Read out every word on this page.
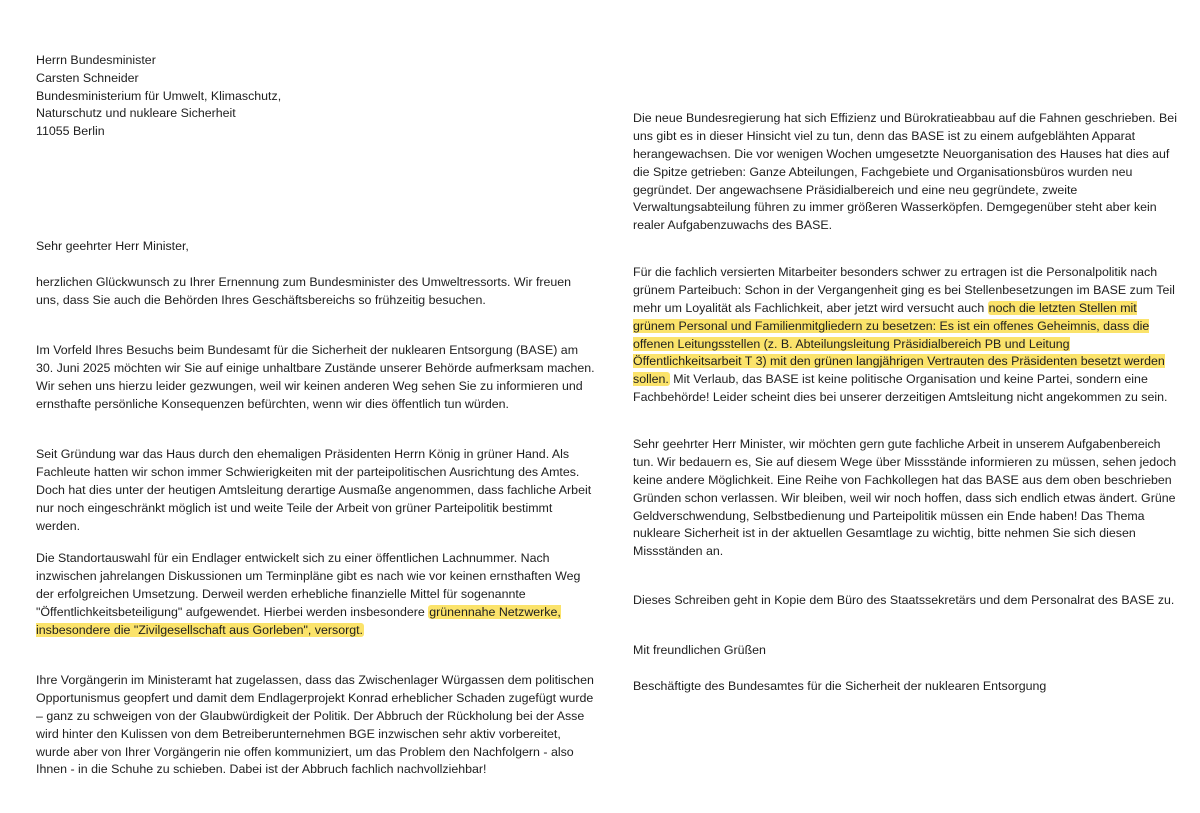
Herrn Bundesminister

Carsten Schneider

Bundesministerium für Umwelt, Klimaschutz,

Naturschutz und nukleare Sicherheit

11055 Berlin

Sehr geehrter Herr Minister,

herzlichen Glückwunsch zu Ihrer Ernennung zum Bundesminister des Umweltressorts. Wir freuen uns, dass Sie auch die Behörden Ihres Geschäftsbereichs so frühzeitig besuchen.

Im Vorfeld Ihres Besuchs beim Bundesamt für die Sicherheit der nuklearen Entsorgung (BASE) am 30. Juni 2025 möchten wir Sie auf einige unhaltbare Zustände unserer Behörde aufmerksam machen. Wir sehen uns hierzu leider gezwungen, weil wir keinen anderen Weg sehen Sie zu informieren und ernsthafte persönliche Konsequenzen befürchten, wenn wir dies öffentlich tun würden.

Seit Gründung war das Haus durch den ehemaligen Präsidenten Herrn König in grüner Hand. Als Fachleute hatten wir schon immer Schwierigkeiten mit der parteipolitischen Ausrichtung des Amtes. Doch hat dies unter der heutigen Amtsleitung derartige Ausmaße angenommen, dass fachliche Arbeit nur noch eingeschränkt möglich ist und weite Teile der Arbeit von grüner Parteipolitik bestimmt werden.

Die Standortauswahl für ein Endlager entwickelt sich zu einer öffentlichen Lachnummer. Nach inzwischen jahrelangen Diskussionen um Terminpläne gibt es nach wie vor keinen ernsthaften Weg der erfolgreichen Umsetzung. Derweil werden erhebliche finanzielle Mittel für sogenannte "Öffentlichkeitsbeteiligung" aufgewendet. Hierbei werden insbesondere grünennahe Netzwerke, insbesondere die "Zivilgesellschaft aus Gorleben", versorgt.

Ihre Vorgängerin im Ministeramt hat zugelassen, dass das Zwischenlager Würgassen dem politischen Opportunismus geopfert und damit dem Endlagerprojekt Konrad erheblicher Schaden zugefügt wurde – ganz zu schweigen von der Glaubwürdigkeit der Politik. Der Abbruch der Rückholung bei der Asse wird hinter den Kulissen von dem Betreiberunternehmen BGE inzwischen sehr aktiv vorbereitet, wurde aber von Ihrer Vorgängerin nie offen kommuniziert, um das Problem den Nachfolgern - also Ihnen - in die Schuhe zu schieben. Dabei ist der Abbruch fachlich nachvollziehbar!

Die neue Bundesregierung hat sich Effizienz und Bürokratieabbau auf die Fahnen geschrieben. Bei uns gibt es in dieser Hinsicht viel zu tun, denn das BASE ist zu einem aufgeblähten Apparat herangewachsen. Die vor wenigen Wochen umgesetzte Neuorganisation des Hauses hat dies auf die Spitze getrieben: Ganze Abteilungen, Fachgebiete und Organisationsbüros wurden neu gegründet. Der angewachsene Präsidialbereich und eine neu gegründete, zweite Verwaltungsabteilung führen zu immer größeren Wasserköpfen. Demgegenüber steht aber kein realer Aufgabenzuwachs des BASE.

Für die fachlich versierten Mitarbeiter besonders schwer zu ertragen ist die Personalpolitik nach grünem Parteibuch: Schon in der Vergangenheit ging es bei Stellenbesetzungen im BASE zum Teil mehr um Loyalität als Fachlichkeit, aber jetzt wird versucht auch noch die letzten Stellen mit grünem Personal und Familienmitgliedern zu besetzen: Es ist ein offenes Geheimnis, dass die offenen Leitungsstellen (z. B. Abteilungsleitung Präsidialbereich PB und Leitung Öffentlichkeitsarbeit T 3) mit den grünen langjährigen Vertrauten des Präsidenten besetzt werden sollen. Mit Verlaub, das BASE ist keine politische Organisation und keine Partei, sondern eine Fachbehörde! Leider scheint dies bei unserer derzeitigen Amtsleitung nicht angekommen zu sein.

Sehr geehrter Herr Minister, wir möchten gern gute fachliche Arbeit in unserem Aufgabenbereich tun. Wir bedauern es, Sie auf diesem Wege über Missstände informieren zu müssen, sehen jedoch keine andere Möglichkeit. Eine Reihe von Fachkollegen hat das BASE aus dem oben beschrieben Gründen schon verlassen. Wir bleiben, weil wir noch hoffen, dass sich endlich etwas ändert. Grüne Geldverschwendung, Selbstbedienung und Parteipolitik müssen ein Ende haben! Das Thema nukleare Sicherheit ist in der aktuellen Gesamtlage zu wichtig, bitte nehmen Sie sich diesen Missständen an.

Dieses Schreiben geht in Kopie dem Büro des Staatssekretärs und dem Personalrat des BASE zu.

Mit freundlichen Grüßen

Beschäftigte des Bundesamtes für die Sicherheit der nuklearen Entsorgung
